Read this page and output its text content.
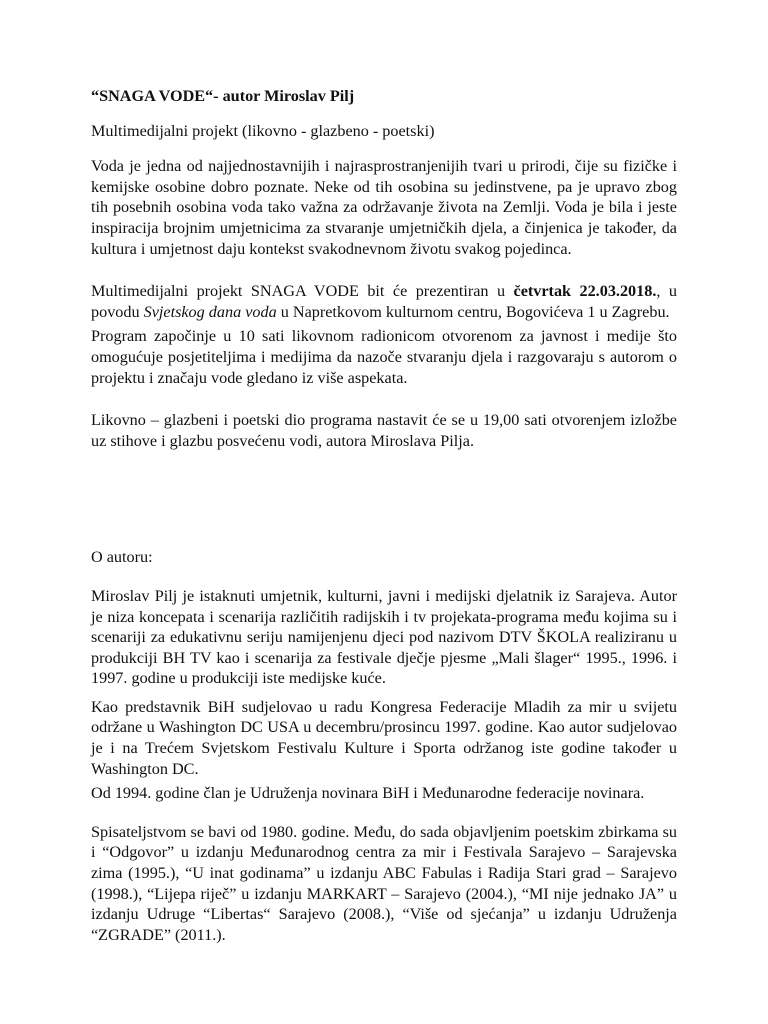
“SNAGA VODE“- autor Miroslav Pilj

Multimedijalni projekt (likovno - glazbeno - poetski)

Voda je jedna od najjednostavnijih i najrasprostranjenijih tvari u prirodi, čije su fizičke i kemijske osobine dobro poznate. Neke od tih osobina su jedinstvene, pa je upravo zbog tih posebnih osobina voda tako važna za održavanje života na Zemlji. Voda je bila i jeste inspiracija brojnim umjetnicima za stvaranje umjetničkih djela, a činjenica je također, da kultura i umjetnost daju kontekst svakodnevnom životu svakog pojedinca.

Multimedijalni projekt SNAGA VODE bit će prezentiran u četvrtak 22.03.2018., u povodu Svjetskog dana voda u Napretkovom kulturnom centru, Bogovićeva 1 u Zagrebu.

Program započinje u 10 sati likovnom radionicom otvorenom za javnost i medije što omogućuje posjetiteljima i medijima da nazoče stvaranju djela i razgovaraju s autorom o projektu i značaju vode gledano iz više aspekata.

Likovno – glazbeni i poetski dio programa nastavit će se u 19,00 sati otvorenjem izložbe uz stihove i glazbu posvećenu vodi, autora Miroslava Pilja.

O autoru:

Miroslav Pilj je istaknuti umjetnik, kulturni, javni i medijski djelatnik iz Sarajeva. Autor je niza koncepata i scenarija različitih radijskih i tv projekata-programa među kojima su i scenariji za edukativnu seriju namijenjenu djeci pod nazivom DTV ŠKOLA realiziranu u produkciji BH TV kao i scenarija za festivale dječje pjesme „Mali šlager“ 1995., 1996. i 1997. godine u produkciji iste medijske kuće.

Kao predstavnik BiH sudjelovao u radu Kongresa Federacije Mladih za mir u svijetu održane u Washington DC USA u decembru/prosincu 1997. godine. Kao autor sudjelovao je i na Trećem Svjetskom Festivalu Kulture i Sporta održanog iste godine također u Washington DC.

Od 1994. godine član je Udruženja novinara BiH i Međunarodne federacije novinara.

Spisateljstvom se bavi od 1980. godine. Među, do sada objavljenim poetskim zbirkama su i “Odgovor” u izdanju Međunarodnog centra za mir i Festivala Sarajevo – Sarajevska zima (1995.), “U inat godinama” u izdanju ABC Fabulas i Radija Stari grad – Sarajevo (1998.), “Lijepa riječ” u izdanju MARKART – Sarajevo (2004.), “MI nije jednako JA” u izdanju Udruge “Libertas“ Sarajevo (2008.), “Više od sjećanja” u izdanju Udruženja “ZGRADE” (2011.).
